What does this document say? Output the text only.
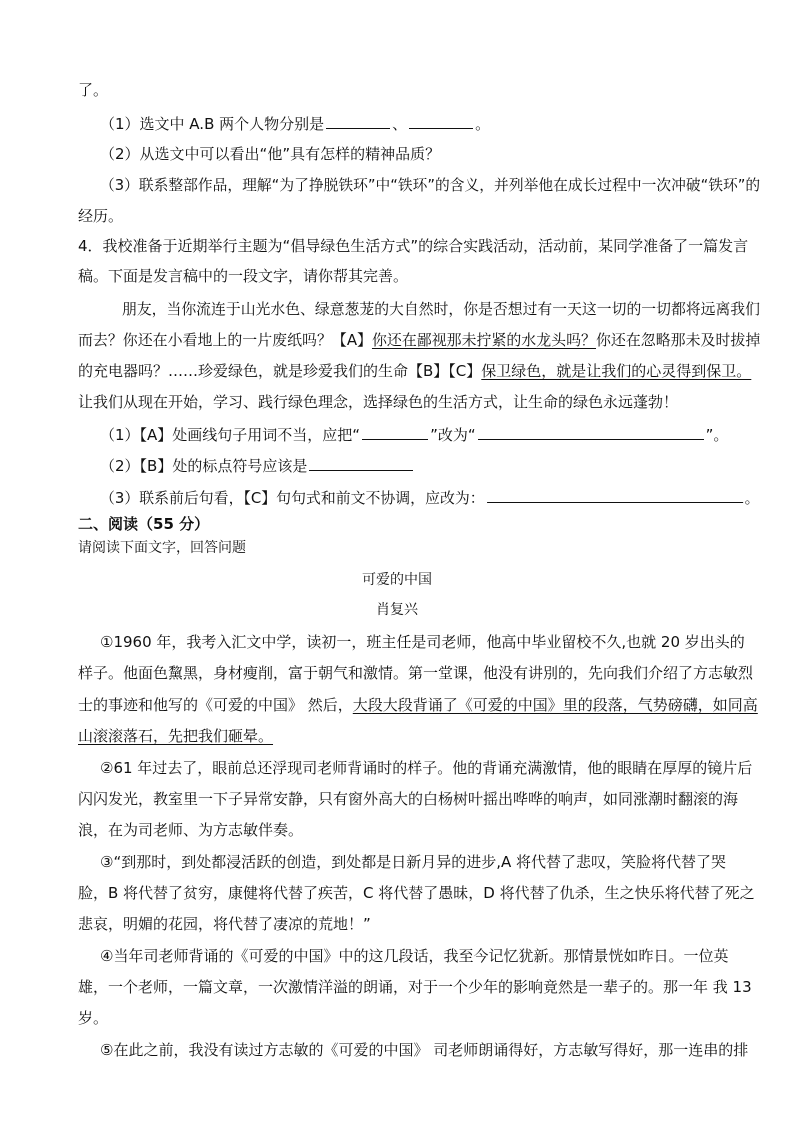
了。
（1）选文中 A.B 两个人物分别是	、	。
（2）从选文中可以看出“他”具有怎样的精神品质？
（3）联系整部作品，理解“为了挣脱铁环”中“铁环”的含义，并列举他在成长过程中一次冲破“铁环”的
经历。
4．我校准备于近期举行主题为“倡导绿色生活方式”的综合实践活动，活动前，某同学准备了一篇发言
稿。下面是发言稿中的一段文字，请你帮其完善。
朋友，当你流连于山光水色、绿意葱茏的大自然时，你是否想过有一天这一切的一切都将远离我们
而去？你还在小看地上的一片废纸吗？【A】你还在鄙视那未拧紧的水龙头吗？你还在忽略那未及时拔掉
的充电器吗？……珍爱绿色，就是珍爱我们的生命【B】【C】保卫绿色，就是让我们的心灵得到保卫。
让我们从现在开始，学习、践行绿色理念，选择绿色的生活方式，让生命的绿色永远蓬勃！
（1）【A】处画线句子用词不当，应把“	”改为“	”。
（2）【B】处的标点符号应该是
（3）联系前后句看，【C】句句式和前文不协调，应改为：	。
二、阅读（55 分）
请阅读下面文字，回答问题
可爱的中国
肖复兴
①1960 年，我考入汇文中学，读初一，班主任是司老师，他高中毕业留校不久,也就 20 岁出头的
样子。他面色黧黑，身材瘦削，富于朝气和激情。第一堂课，他没有讲別的，先向我们介绍了方志敏烈
士的事迹和他写的《可爱的中国》 然后，大段大段背诵了《可爱的中国》里的段落，气势磅礴，如同高
山滚滚落石，先把我们砸晕。
②61 年过去了，眼前总还浮现司老师背诵时的样子。他的背诵充满激情，他的眼睛在厚厚的镜片后
闪闪发光，教室里一下子异常安静，只有窗外高大的白杨树叶摇出哗哗的响声，如同涨潮时翻滚的海
浪，在为司老师、为方志敏伴奏。
③“到那时，到处都浸活跃的创造，到处都是日新月异的进步,A 将代替了悲叹，笑脸将代替了哭
脸，B 将代替了贫穷，康健将代替了疾苦，C 将代替了愚昧，D 将代替了仇杀，生之快乐将代替了死之
悲哀，明媚的花园，将代替了凄凉的荒地！”
④当年司老师背诵的《可爱的中国》中的这几段话，我至今记忆犹新。那情景恍如昨日。一位英
雄，一个老师，一篇文章，一次激情洋溢的朗诵，对于一个少年的影响竟然是一辈子的。那一年 我 13
岁。
⑤在此之前，我没有读过方志敏的《可爱的中国》 司老师朗诵得好，方志敏写得好，那一连串的排
